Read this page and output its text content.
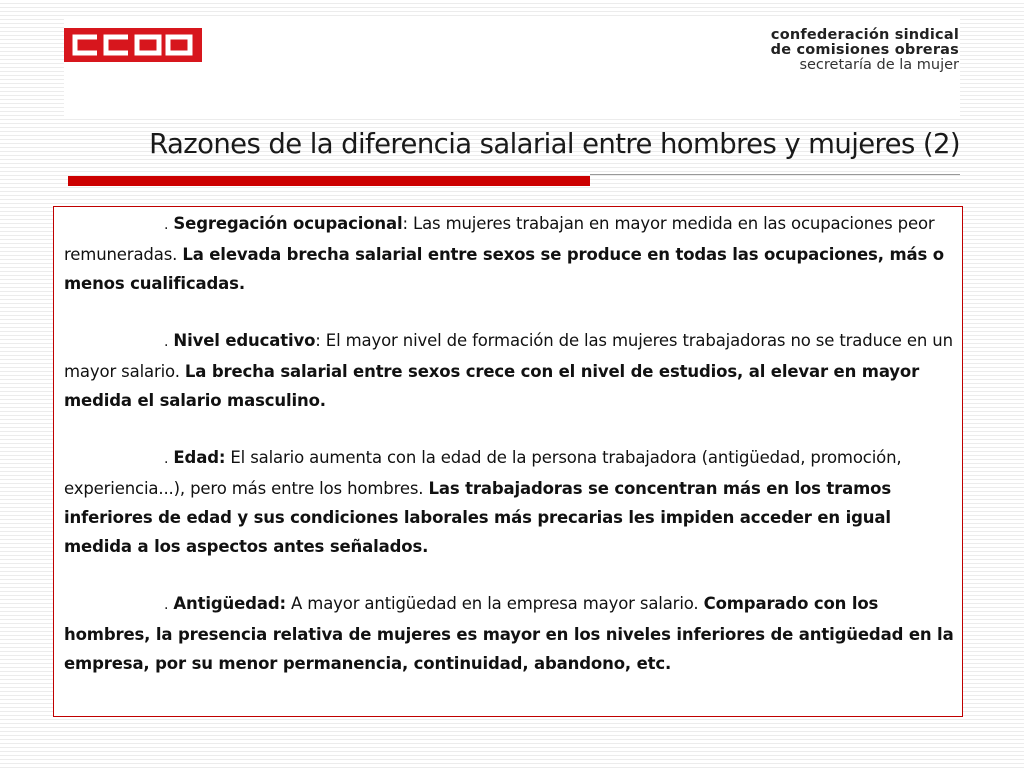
confederación sindical
de comisiones obreras
secretaría de la mujer
Razones de la diferencia salarial entre hombres y mujeres (2)

. Segregación ocupacional: Las mujeres trabajan en mayor medida en las ocupaciones peor remuneradas. La elevada brecha salarial entre sexos se produce en todas las ocupaciones, más o menos cualificadas.

. Nivel educativo: El mayor nivel de formación de las mujeres trabajadoras no se traduce en un mayor salario. La brecha salarial entre sexos crece con el nivel de estudios, al elevar en mayor medida el salario masculino.

. Edad: El salario aumenta con la edad de la persona trabajadora (antigüedad, promoción, experiencia...), pero más entre los hombres. Las trabajadoras se concentran más en los tramos inferiores de edad y sus condiciones laborales más precarias les impiden acceder en igual medida a los aspectos antes señalados.

. Antigüedad: A mayor antigüedad en la empresa mayor salario. Comparado con los hombres, la presencia relativa de mujeres es mayor en los niveles inferiores de antigüedad en la empresa, por su menor permanencia, continuidad, abandono, etc.
